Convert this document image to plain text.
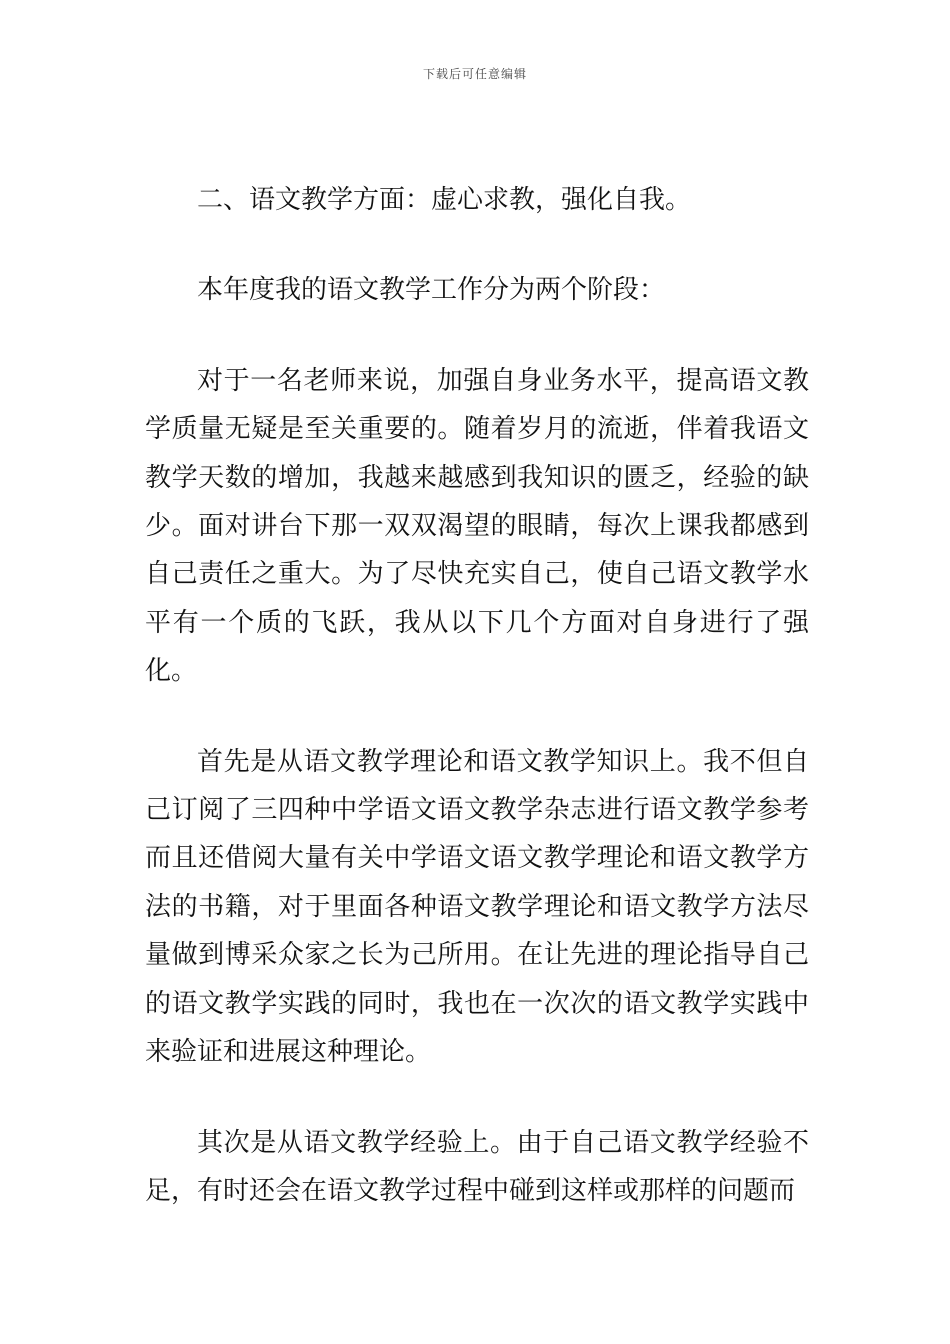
下载后可任意编辑

二、语文教学方面：虚心求教，强化自我。

本年度我的语文教学工作分为两个阶段：

对于一名老师来说，加强自身业务水平，提高语文教学质量无疑是至关重要的。随着岁月的流逝，伴着我语文教学天数的增加，我越来越感到我知识的匮乏，经验的缺少。面对讲台下那一双双渴望的眼睛，每次上课我都感到自己责任之重大。为了尽快充实自己，使自己语文教学水平有一个质的飞跃，我从以下几个方面对自身进行了强化。

首先是从语文教学理论和语文教学知识上。我不但自己订阅了三四种中学语文语文教学杂志进行语文教学参考而且还借阅大量有关中学语文语文教学理论和语文教学方法的书籍，对于里面各种语文教学理论和语文教学方法尽量做到博采众家之长为己所用。在让先进的理论指导自己的语文教学实践的同时，我也在一次次的语文教学实践中来验证和进展这种理论。

其次是从语文教学经验上。由于自己语文教学经验不足，有时还会在语文教学过程中碰到这样或那样的问题而
